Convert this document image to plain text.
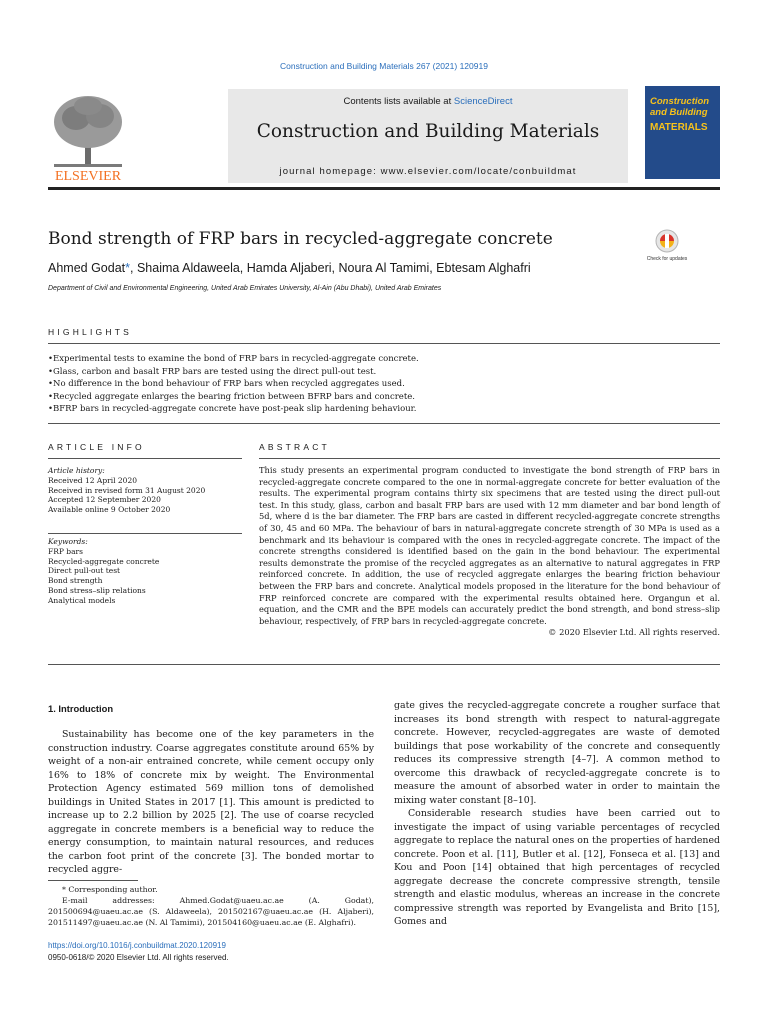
Construction and Building Materials 267 (2021) 120919
ELSEVIER
Contents lists available at ScienceDirect
Construction and Building Materials
journal homepage: www.elsevier.com/locate/conbuildmat
Construction and Building
MATERIALS
Bond strength of FRP bars in recycled-aggregate concrete
Check for updates
Ahmed Godat*, Shaima Aldaweela, Hamda Aljaberi, Noura Al Tamimi, Ebtesam Alghafri
Department of Civil and Environmental Engineering, United Arab Emirates University, Al-Ain (Abu Dhabi), United Arab Emirates
HIGHLIGHTS
• Experimental tests to examine the bond of FRP bars in recycled-aggregate concrete.
• Glass, carbon and basalt FRP bars are tested using the direct pull-out test.
• No difference in the bond behaviour of FRP bars when recycled aggregates used.
• Recycled aggregate enlarges the bearing friction between BFRP bars and concrete.
• BFRP bars in recycled-aggregate concrete have post-peak slip hardening behaviour.
ARTICLE INFO	ABSTRACT
Article history:
Received 12 April 2020
Received in revised form 31 August 2020
Accepted 12 September 2020
Available online 9 October 2020
Keywords:
FRP bars
Recycled-aggregate concrete
Direct pull-out test
Bond strength
Bond stress–slip relations
Analytical models
This study presents an experimental program conducted to investigate the bond strength of FRP bars in recycled-aggregate concrete compared to the one in normal-aggregate concrete for better evaluation of the results. The experimental program contains thirty six specimens that are tested using the direct pull-out test. In this study, glass, carbon and basalt FRP bars are used with 12 mm diameter and bar bond length of 5d, where d is the bar diameter. The FRP bars are casted in different recycled-aggregate concrete strengths of 30, 45 and 60 MPa. The behaviour of bars in natural-aggregate concrete strength of 30 MPa is used as a benchmark and its behaviour is compared with the ones in recycled-aggregate concrete. The impact of the concrete strengths considered is identified based on the gain in the bond behaviour. The experimental results demonstrate the promise of the recycled aggregates as an alternative to natural aggregates in FRP reinforced concrete. In addition, the use of recycled aggregate enlarges the bearing friction behaviour between the FRP bars and concrete. Analytical models proposed in the literature for the bond behaviour of FRP reinforced concrete are compared with the experimental results obtained here. Organgun et al. equation, and the CMR and the BPE models can accurately predict the bond strength, and bond stress–slip behaviour, respectively, of FRP bars in recycled-aggregate concrete.
© 2020 Elsevier Ltd. All rights reserved.
1. Introduction

Sustainability has become one of the key parameters in the construction industry. Coarse aggregates constitute around 65% by weight of a non-air entrained concrete, while cement occupy only 16% to 18% of concrete mix by weight. The Environmental Protection Agency estimated 569 million tons of demolished buildings in United States in 2017 [1]. This amount is predicted to increase up to 2.2 billion by 2025 [2]. The use of coarse recycled aggregate in concrete members is a beneficial way to reduce the energy consumption, to maintain natural resources, and reduces the carbon foot print of the concrete [3]. The bonded mortar to recycled aggre-

gate gives the recycled-aggregate concrete a rougher surface that increases its bond strength with respect to natural-aggregate concrete. However, recycled-aggregates are waste of demoted buildings that pose workability of the concrete and consequently reduces its compressive strength [4–7]. A common method to overcome this drawback of recycled-aggregate concrete is to measure the amount of absorbed water in order to maintain the mixing water constant [8–10].

Considerable research studies have been carried out to investigate the impact of using variable percentages of recycled aggregate to replace the natural ones on the properties of hardened concrete. Poon et al. [11], Butler et al. [12], Fonseca et al. [13] and Kou and Poon [14] obtained that high percentages of recycled aggregate decrease the concrete compressive strength, tensile strength and elastic modulus, whereas an increase in the concrete compressive strength was reported by Evangelista and Brito [15], Gomes and

* Corresponding author.
E-mail addresses: Ahmed.Godat@uaeu.ac.ae (A. Godat), 201500694@uaeu.ac.ae (S. Aldaweela), 201502167@uaeu.ac.ae (H. Aljaberi), 201511497@uaeu.ac.ae (N. Al Tamimi), 201504160@uaeu.ac.ae (E. Alghafri).
https://doi.org/10.1016/j.conbuildmat.2020.120919
0950-0618/© 2020 Elsevier Ltd. All rights reserved.
